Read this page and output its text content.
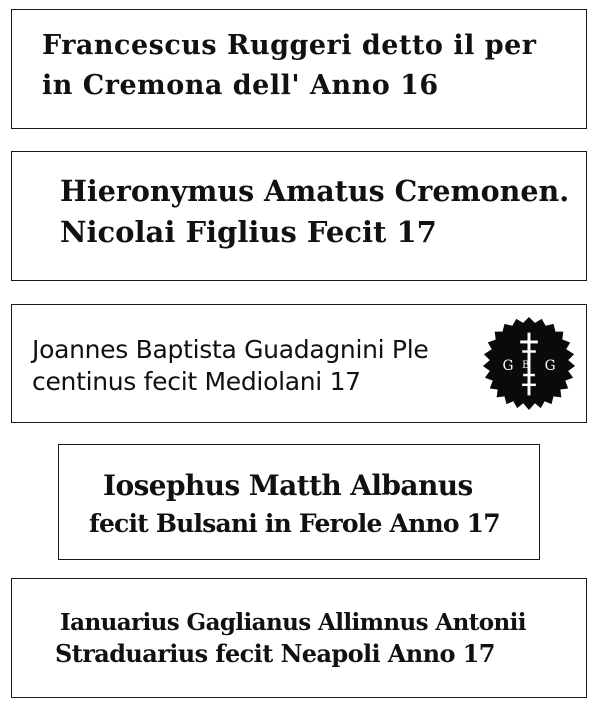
Francescus Ruggeri detto il per
in Cremona dell' Anno 16
Hieronymus Amatus Cremonen.
Nicolai Figlius Fecit 17
Joannes Baptista Guadagnini Ple
centinus fecit Mediolani 17
G G
B
Iosephus Matth Albanus
fecit Bulsani in Ferole Anno 17
Ianuarius Gaglianus Allimnus Antonii
Straduarius fecit Neapoli Anno 17
